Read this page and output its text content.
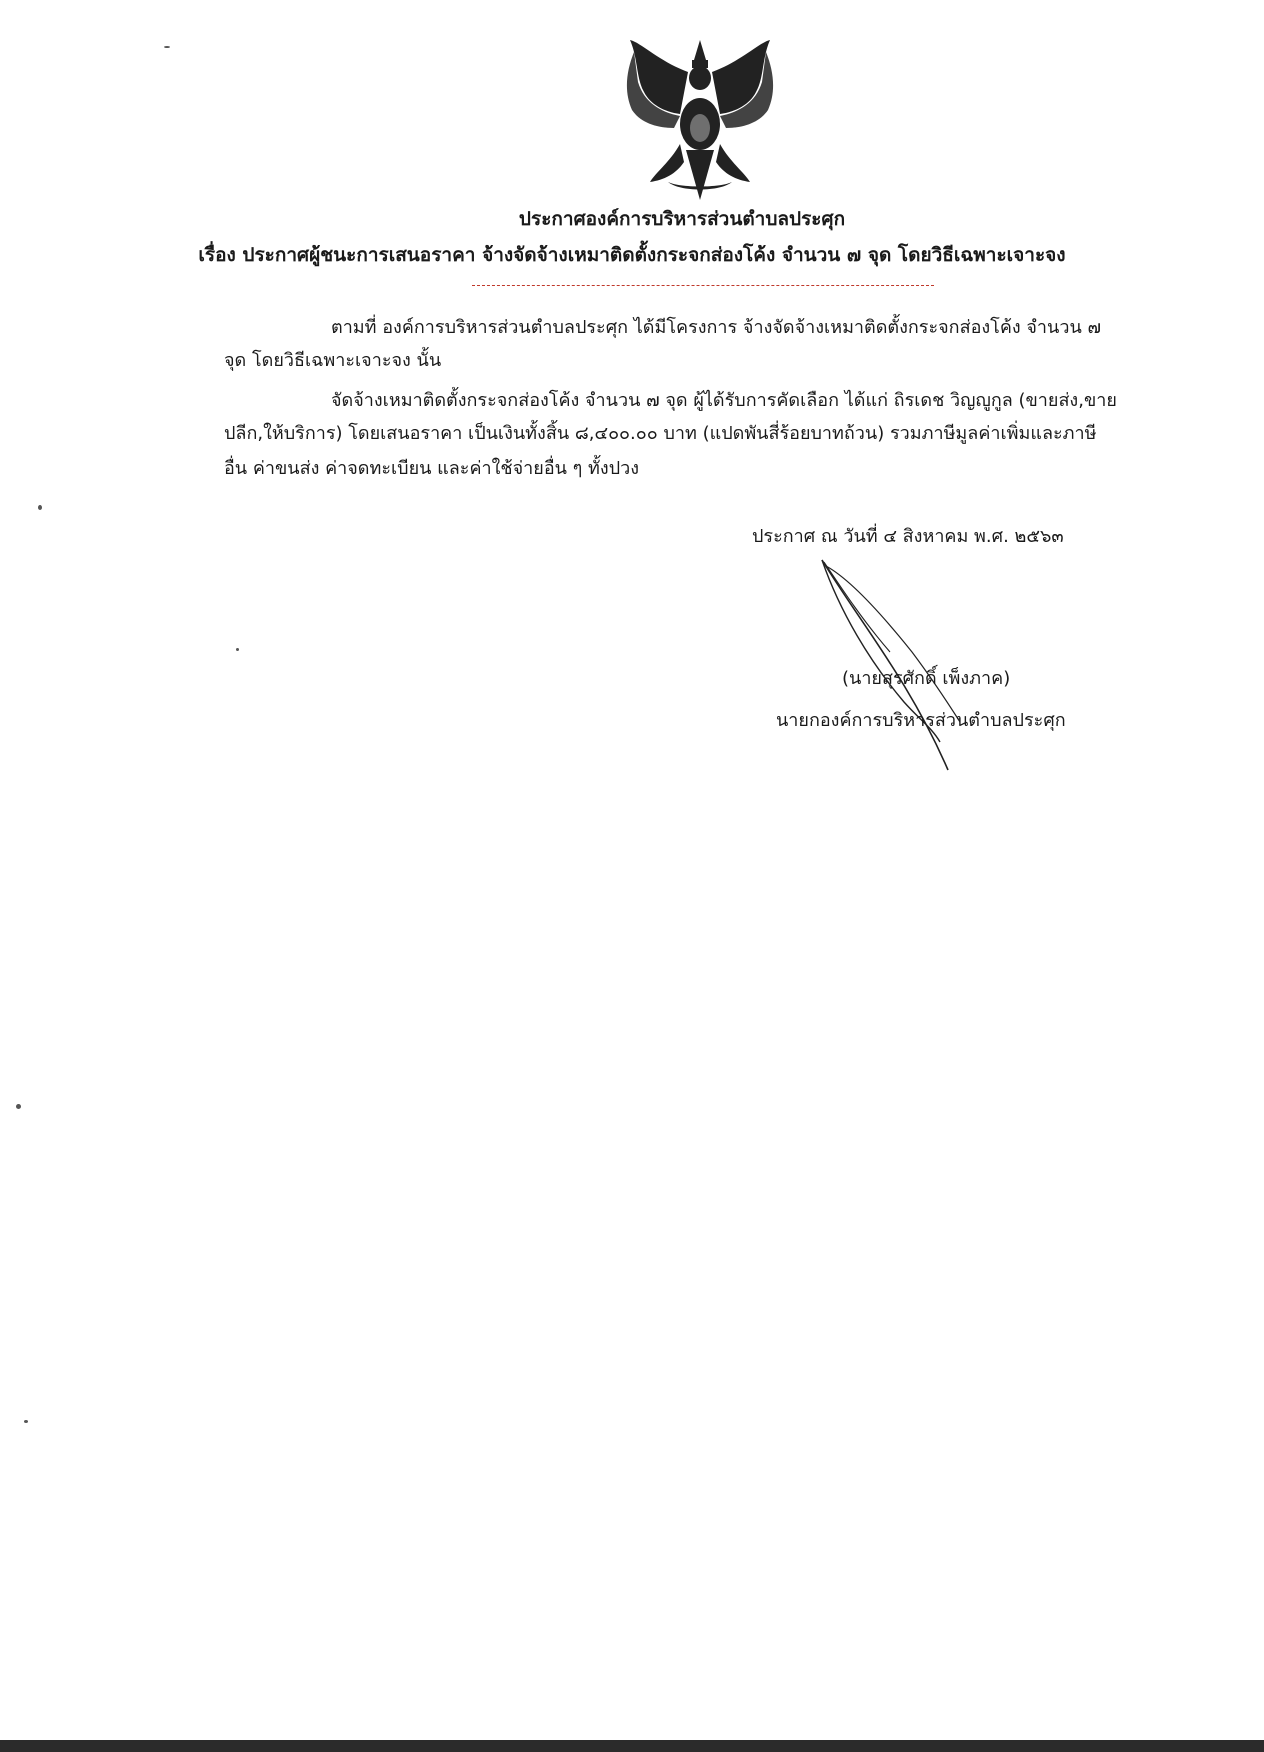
ประกาศองค์การบริหารส่วนตำบลประศุก
เรื่อง ประกาศผู้ชนะการเสนอราคา จ้างจัดจ้างเหมาติดตั้งกระจกส่องโค้ง จำนวน ๗ จุด โดยวิธีเฉพาะเจาะจง
ตามที่ องค์การบริหารส่วนตำบลประศุก ได้มีโครงการ จ้างจัดจ้างเหมาติดตั้งกระจกส่องโค้ง จำนวน ๗
จุด โดยวิธีเฉพาะเจาะจง นั้น
จัดจ้างเหมาติดตั้งกระจกส่องโค้ง จำนวน ๗ จุด ผู้ได้รับการคัดเลือก ได้แก่ ถิรเดช วิญญูกูล (ขายส่ง,ขาย
ปลีก,ให้บริการ) โดยเสนอราคา เป็นเงินทั้งสิ้น ๘,๔๐๐.๐๐ บาท (แปดพันสี่ร้อยบาทถ้วน) รวมภาษีมูลค่าเพิ่มและภาษี
อื่น ค่าขนส่ง ค่าจดทะเบียน และค่าใช้จ่ายอื่น ๆ ทั้งปวง
ประกาศ ณ วันที่ ๔ สิงหาคม พ.ศ. ๒๕๖๓
(นายสุรศักดิ์ เพ็งภาค)
นายกองค์การบริหารส่วนตำบลประศุก
